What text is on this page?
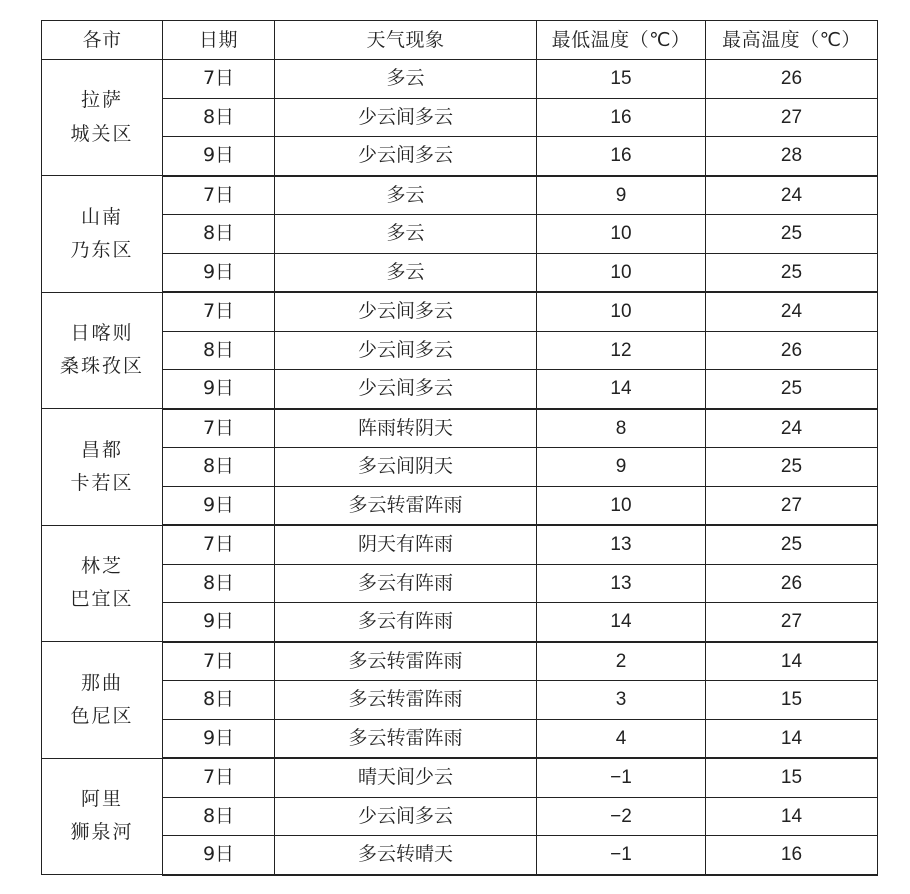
各市	日期	天气现象	最低温度（℃）	最高温度（℃）

拉萨
城关区	7日	多云	15	26
	8日	少云间多云	16	27
	9日	少云间多云	16	28

山南
乃东区	7日	多云	9	24
	8日	多云	10	25
	9日	多云	10	25

日喀则
桑珠孜区	7日	少云间多云	10	24
	8日	少云间多云	12	26
	9日	少云间多云	14	25

昌都
卡若区	7日	阵雨转阴天	8	24
	8日	多云间阴天	9	25
	9日	多云转雷阵雨	10	27

林芝
巴宜区	7日	阴天有阵雨	13	25
	8日	多云有阵雨	13	26
	9日	多云有阵雨	14	27

那曲
色尼区	7日	多云转雷阵雨	2	14
	8日	多云转雷阵雨	3	15
	9日	多云转雷阵雨	4	14

阿里
狮泉河	7日	晴天间少云	−1	15
	8日	少云间多云	−2	14
	9日	多云转晴天	−1	16
